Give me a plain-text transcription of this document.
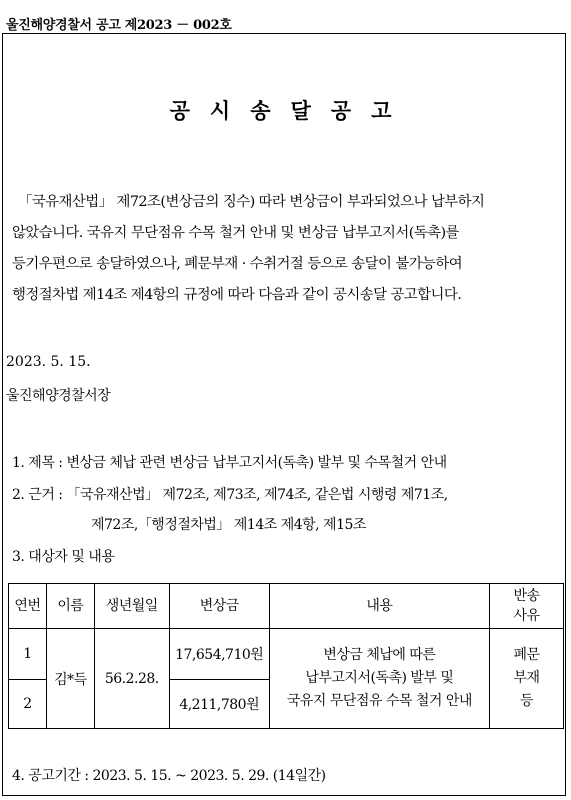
울진해양경찰서 공고 제2023 － 002호
공시송달공고
「국유재산법」 제72조(변상금의 징수) 따라 변상금이 부과되었으나 납부하지
않았습니다. 국유지 무단점유 수목 철거 안내 및 변상금 납부고지서(독촉)를
등기우편으로 송달하였으나, 폐문부재 · 수취거절 등으로 송달이 불가능하여
행정절차법 제14조 제4항의 규정에 따라 다음과 같이 공시송달 공고합니다.
2023. 5. 15.
울진해양경찰서장
1. 제목 : 변상금 체납 관련 변상금 납부고지서(독촉) 발부 및 수목철거 안내
2. 근거 : 「국유재산법」 제72조, 제73조, 제74조, 같은법 시행령 제71조,
제72조,「행정절차법」 제14조 제4항, 제15조
3. 대상자 및 내용
연번	이름	생년월일	변상금	내용	반송
사유
1	김*득	56.2.28.	17,654,710원	변상금 체납에 따른
납부고지서(독촉) 발부 및
국유지 무단점유 수목 철거 안내	폐문
부재
등
2			4,211,780원		
4. 공고기간 : 2023. 5. 15. ~ 2023. 5. 29. (14일간)
